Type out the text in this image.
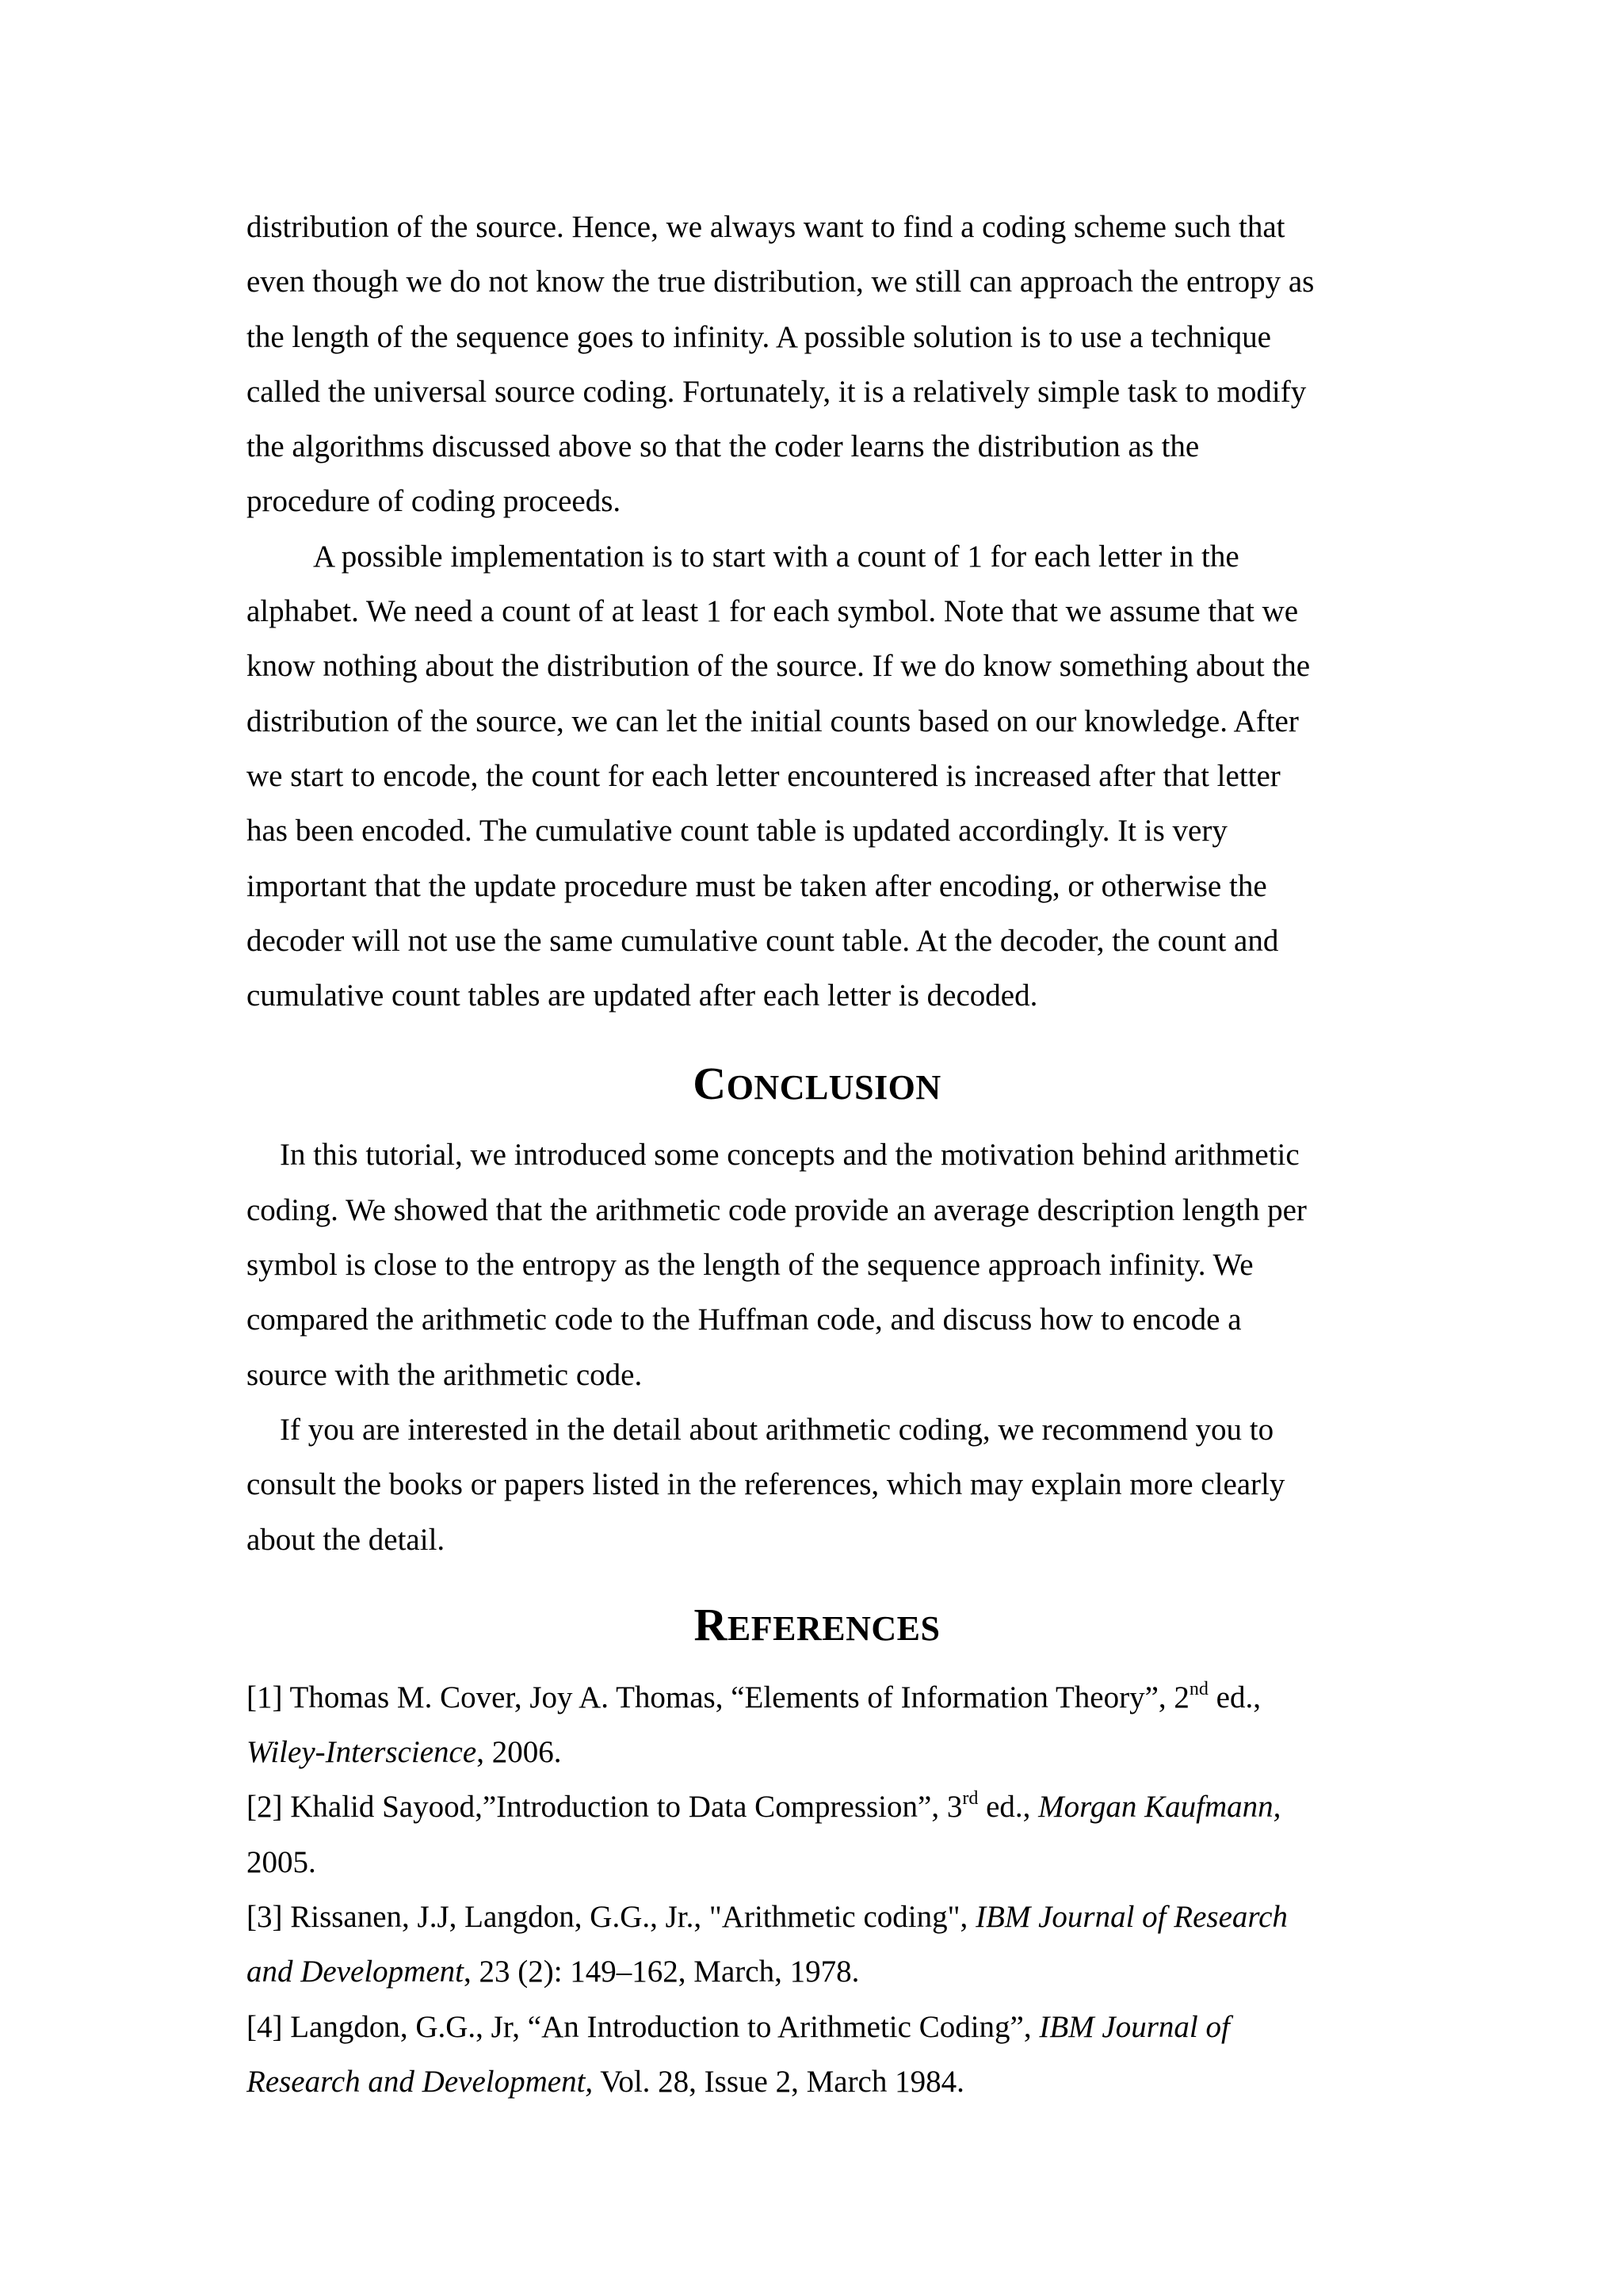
distribution of the source. Hence, we always want to find a coding scheme such that
even though we do not know the true distribution, we still can approach the entropy as
the length of the sequence goes to infinity. A possible solution is to use a technique
called the universal source coding. Fortunately, it is a relatively simple task to modify
the algorithms discussed above so that the coder learns the distribution as the
procedure of coding proceeds.

A possible implementation is to start with a count of 1 for each letter in the
alphabet. We need a count of at least 1 for each symbol. Note that we assume that we
know nothing about the distribution of the source. If we do know something about the
distribution of the source, we can let the initial counts based on our knowledge. After
we start to encode, the count for each letter encountered is increased after that letter
has been encoded. The cumulative count table is updated accordingly. It is very
important that the update procedure must be taken after encoding, or otherwise the
decoder will not use the same cumulative count table. At the decoder, the count and
cumulative count tables are updated after each letter is decoded.

CONCLUSION

In this tutorial, we introduced some concepts and the motivation behind arithmetic
coding. We showed that the arithmetic code provide an average description length per
symbol is close to the entropy as the length of the sequence approach infinity. We
compared the arithmetic code to the Huffman code, and discuss how to encode a
source with the arithmetic code.

If you are interested in the detail about arithmetic coding, we recommend you to
consult the books or papers listed in the references, which may explain more clearly
about the detail.

REFERENCES

[1] Thomas M. Cover, Joy A. Thomas, “Elements of Information Theory”, 2nd ed.,
Wiley-Interscience, 2006.

[2] Khalid Sayood,”Introduction to Data Compression”, 3rd ed., Morgan Kaufmann,
2005.

[3] Rissanen, J.J, Langdon, G.G., Jr., "Arithmetic coding", IBM Journal of Research
and Development, 23 (2): 149–162, March, 1978.

[4] Langdon, G.G., Jr, “An Introduction to Arithmetic Coding”, IBM Journal of
Research and Development, Vol. 28, Issue 2, March 1984.
